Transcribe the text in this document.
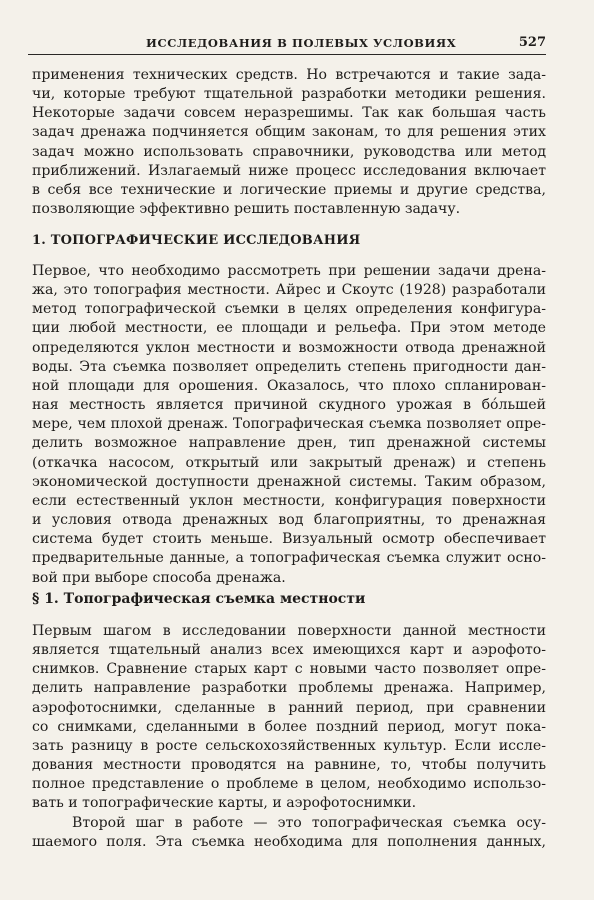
ИССЛЕДОВАНИЯ В ПОЛЕВЫХ УСЛОВИЯХ	527
применения технических средств. Но встречаются и такие зада-
чи, которые требуют тщательной разработки методики решения.
Некоторые задачи совсем неразрешимы. Так как большая часть
задач дренажа подчиняется общим законам, то для решения этих
задач можно использовать справочники, руководства или метод
приближений. Излагаемый ниже процесс исследования включает
в себя все технические и логические приемы и другие средства,
позволяющие эффективно решить поставленную задачу.
1. ТОПОГРАФИЧЕСКИЕ ИССЛЕДОВАНИЯ
Первое, что необходимо рассмотреть при решении задачи дрена-
жа, это топография местности. Айрес и Скоутс (1928) разработали
метод топографической съемки в целях определения конфигура-
ции любой местности, ее площади и рельефа. При этом методе
определяются уклон местности и возможности отвода дренажной
воды. Эта съемка позволяет определить степень пригодности дан-
ной площади для орошения. Оказалось, что плохо спланирован-
ная местность является причиной скудного урожая в бóльшей
мере, чем плохой дренаж. Топографическая съемка позволяет опре-
делить возможное направление дрен, тип дренажной системы
(откачка насосом, открытый или закрытый дренаж) и степень
экономической доступности дренажной системы. Таким образом,
если естественный уклон местности, конфигурация поверхности
и условия отвода дренажных вод благоприятны, то дренажная
система будет стоить меньше. Визуальный осмотр обеспечивает
предварительные данные, а топографическая съемка служит осно-
вой при выборе способа дренажа.
§ 1. Топографическая съемка местности
Первым шагом в исследовании поверхности данной местности
является тщательный анализ всех имеющихся карт и аэрофото-
снимков. Сравнение старых карт с новыми часто позволяет опре-
делить направление разработки проблемы дренажа. Например,
аэрофотоснимки, сделанные в ранний период, при сравнении
со снимками, сделанными в более поздний период, могут пока-
зать разницу в росте сельскохозяйственных культур. Если иссле-
дования местности проводятся на равнине, то, чтобы получить
полное представление о проблеме в целом, необходимо использо-
вать и топографические карты, и аэрофотоснимки.
Второй шаг в работе — это топографическая съемка осу-
шаемого поля. Эта съемка необходима для пополнения данных,
